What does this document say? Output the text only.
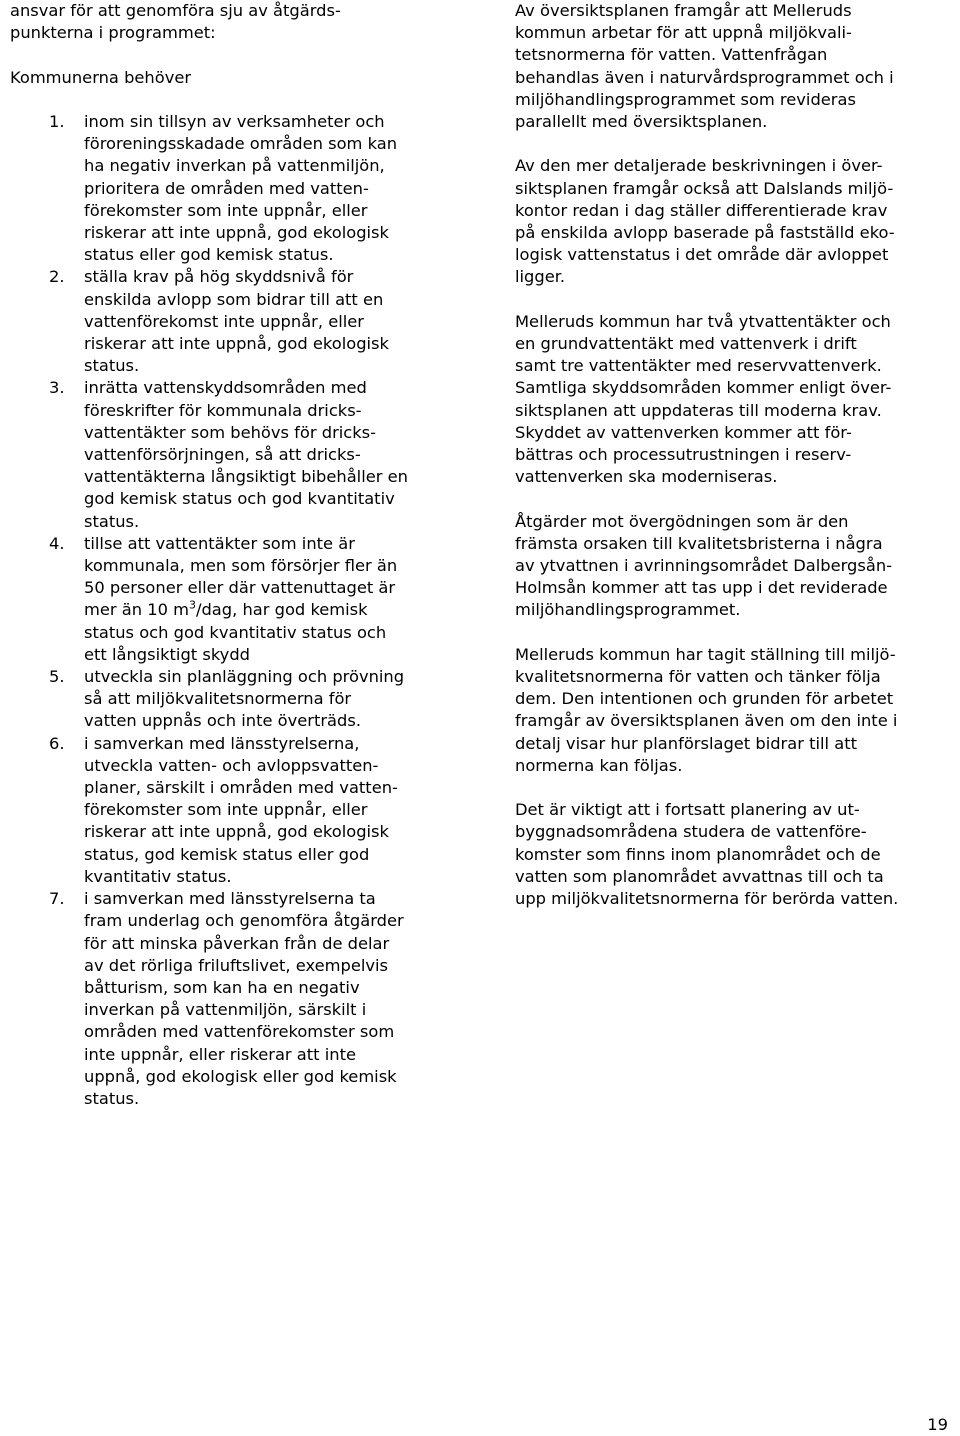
ansvar för att genomföra sju av åtgärds-
punkterna i programmet:
Kommunerna behöver
1. inom sin tillsyn av verksamheter och
föroreningsskadade områden som kan
ha negativ inverkan på vattenmiljön,
prioritera de områden med vatten-
förekomster som inte uppnår, eller
riskerar att inte uppnå, god ekologisk
status eller god kemisk status.
2. ställa krav på hög skyddsnivå för
enskilda avlopp som bidrar till att en
vattenförekomst inte uppnår, eller
riskerar att inte uppnå, god ekologisk
status.
3. inrätta vattenskyddsområden med
föreskrifter för kommunala dricks-
vattentäkter som behövs för dricks-
vattenförsörjningen, så att dricks-
vattentäkterna långsiktigt bibehåller en
god kemisk status och god kvantitativ
status.
4. tillse att vattentäkter som inte är
kommunala, men som försörjer fler än
50 personer eller där vattenuttaget är
mer än 10 $m^3$/dag, har god kemisk
status och god kvantitativ status och
ett långsiktigt skydd
5. utveckla sin planläggning och prövning
så att miljökvalitetsnormerna för
vatten uppnås och inte överträds.
6. i samverkan med länsstyrelserna,
utveckla vatten- och avloppsvatten-
planer, särskilt i områden med vatten-
förekomster som inte uppnår, eller
riskerar att inte uppnå, god ekologisk
status, god kemisk status eller god
kvantitativ status.
7. i samverkan med länsstyrelserna ta
fram underlag och genomföra åtgärder
för att minska påverkan från de delar
av det rörliga friluftslivet, exempelvis
båtturism, som kan ha en negativ
inverkan på vattenmiljön, särskilt i
områden med vattenförekomster som
inte uppnår, eller riskerar att inte
uppnå, god ekologisk eller god kemisk
status.
Av översiktsplanen framgår att Melleruds
kommun arbetar för att uppnå miljökvali-
tetsnormerna för vatten. Vattenfrågan
behandlas även i naturvårdsprogrammet och i
miljöhandlingsprogrammet som revideras
parallellt med översiktsplanen.
Av den mer detaljerade beskrivningen i över-
siktsplanen framgår också att Dalslands miljö-
kontor redan i dag ställer differentierade krav
på enskilda avlopp baserade på fastställd eko-
logisk vattenstatus i det område där avloppet
ligger.
Melleruds kommun har två ytvattentäkter och
en grundvattentäkt med vattenverk i drift
samt tre vattentäkter med reservvattenverk.
Samtliga skyddsområden kommer enligt över-
siktsplanen att uppdateras till moderna krav.
Skyddet av vattenverken kommer att för-
bättras och processutrustningen i reserv-
vattenverken ska moderniseras.
Åtgärder mot övergödningen som är den
främsta orsaken till kvalitetsbristerna i några
av ytvattnen i avrinningsområdet Dalbergsån-
Holmsån kommer att tas upp i det reviderade
miljöhandlingsprogrammet.
Melleruds kommun har tagit ställning till miljö-
kvalitetsnormerna för vatten och tänker följa
dem. Den intentionen och grunden för arbetet
framgår av översiktsplanen även om den inte i
detalj visar hur planförslaget bidrar till att
normerna kan följas.
Det är viktigt att i fortsatt planering av ut-
byggnadsområdena studera de vattenföre-
komster som finns inom planområdet och de
vatten som planområdet avvattnas till och ta
upp miljökvalitetsnormerna för berörda vatten.
19
